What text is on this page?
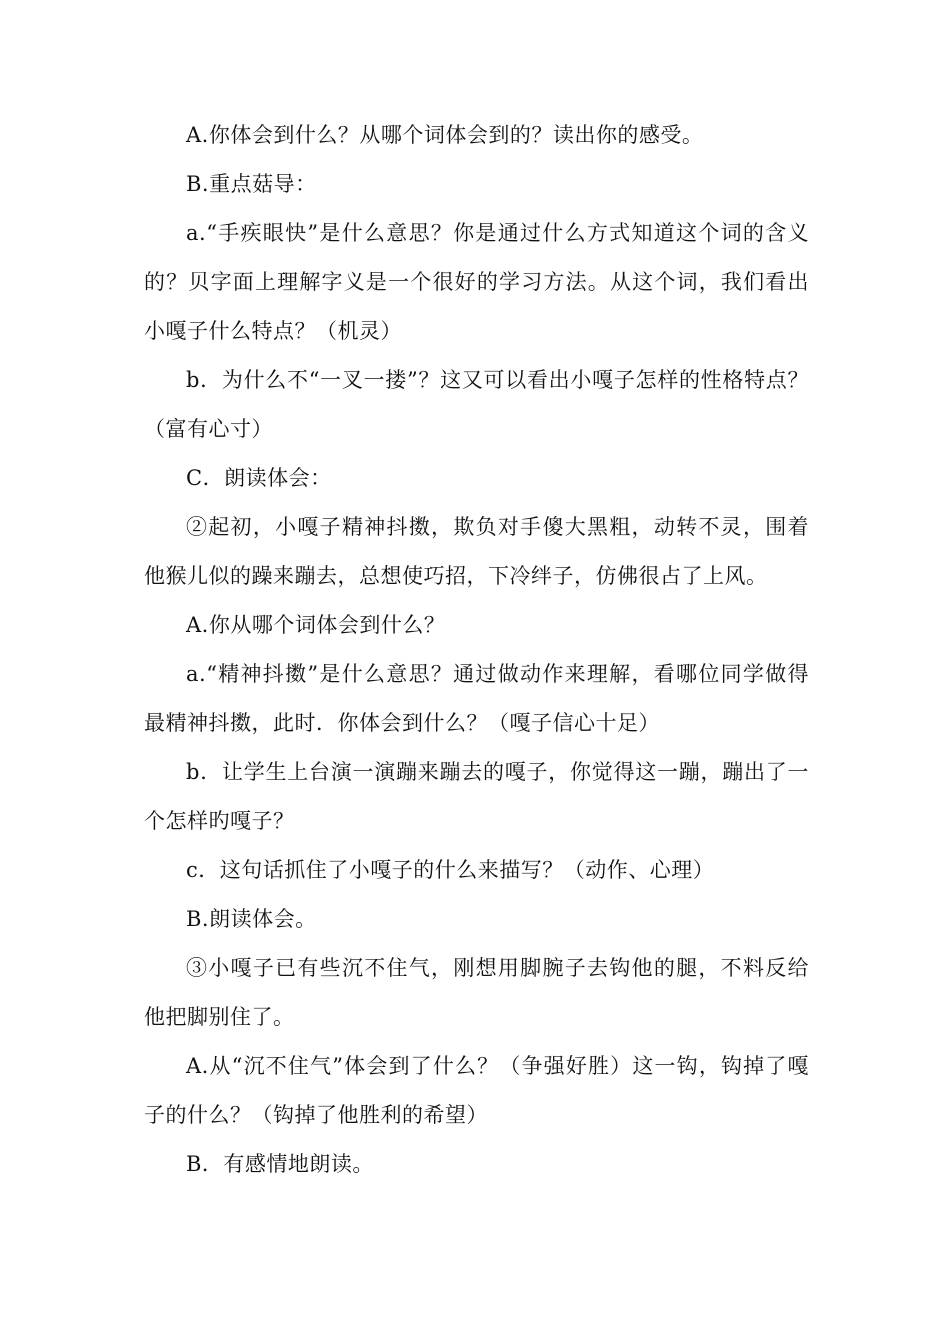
A.你体会到什么？从哪个词体会到的？读出你的感受。

B.重点菇导：

a.“手疾眼快”是什么意思？你是通过什么方式知道这个词的含义的？贝字面上理解字义是一个很好的学习方法。从这个词，我们看出小嘎子什么特点？（机灵）

b．为什么不“一叉一搂”？这又可以看出小嘎子怎样的性格特点？（富有心寸）

C．朗读体会：

②起初，小嘎子精神抖擞，欺负对手傻大黑粗，动转不灵，围着他猴儿似的躁来蹦去，总想使巧招，下冷绊子，仿佛很占了上风。

A.你从哪个词体会到什么？

a.“精神抖擞”是什么意思？通过做动作来理解，看哪位同学做得最精神抖擞，此时．你体会到什么？（嘎子信心十足）

b．让学生上台演一演蹦来蹦去的嘎子，你觉得这一蹦，蹦出了一个怎样旳嘎子？

c．这句话抓住了小嘎子的什么来描写？（动作、心理）

B.朗读体会。

③小嘎子已有些沉不住气，刚想用脚腕子去钩他的腿，不料反给他把脚别住了。

A.从“沉不住气”体会到了什么？（争强好胜）这一钩，钩掉了嘎子的什么？（钩掉了他胜利的希望）

B．有感情地朗读。
